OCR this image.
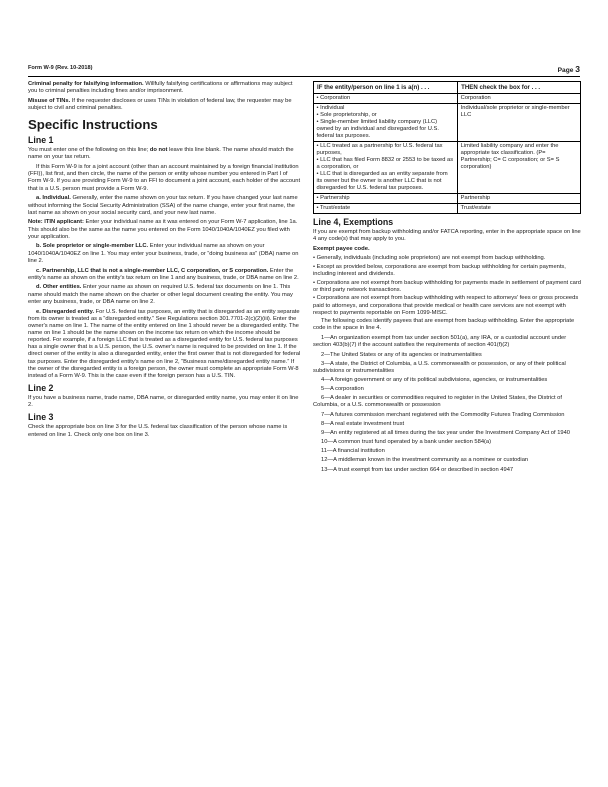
Form W-9 (Rev. 10-2018)	Page 3

Criminal penalty for falsifying information. Willfully falsifying certifications or affirmations may subject you to criminal penalties including fines and/or imprisonment.

Misuse of TINs. If the requester discloses or uses TINs in violation of federal law, the requester may be subject to civil and criminal penalties.

Specific Instructions
Line 1

You must enter one of the following on this line; do not leave this line blank. The name should match the name on your tax return.

If this Form W-9 is for a joint account (other than an account maintained by a foreign financial institution (FFI)), list first, and then circle, the name of the person or entity whose number you entered in Part I of Form W-9. If you are providing Form W-9 to an FFI to document a joint account, each holder of the account that is a U.S. person must provide a Form W-9.

a. Individual. Generally, enter the name shown on your tax return. If you have changed your last name without informing the Social Security Administration (SSA) of the name change, enter your first name, the last name as shown on your social security card, and your new last name.

Note: ITIN applicant: Enter your individual name as it was entered on your Form W-7 application, line 1a. This should also be the same as the name you entered on the Form 1040/1040A/1040EZ you filed with your application.

b. Sole proprietor or single-member LLC. Enter your individual name as shown on your 1040/1040A/1040EZ on line 1. You may enter your business, trade, or “doing business as” (DBA) name on line 2.

c. Partnership, LLC that is not a single-member LLC, C corporation, or S corporation. Enter the entity's name as shown on the entity's tax return on line 1 and any business, trade, or DBA name on line 2.

d. Other entities. Enter your name as shown on required U.S. federal tax documents on line 1. This name should match the name shown on the charter or other legal document creating the entity. You may enter any business, trade, or DBA name on line 2.

e. Disregarded entity. For U.S. federal tax purposes, an entity that is disregarded as an entity separate from its owner is treated as a “disregarded entity.” See Regulations section 301.7701-2(c)(2)(iii). Enter the owner's name on line 1. The name of the entity entered on line 1 should never be a disregarded entity. The name on line 1 should be the name shown on the income tax return on which the income should be reported. For example, if a foreign LLC that is treated as a disregarded entity for U.S. federal tax purposes has a single owner that is a U.S. person, the U.S. owner's name is required to be provided on line 1. If the direct owner of the entity is also a disregarded entity, enter the first owner that is not disregarded for federal tax purposes. Enter the disregarded entity's name on line 2, “Business name/disregarded entity name.” If the owner of the disregarded entity is a foreign person, the owner must complete an appropriate Form W-8 instead of a Form W-9. This is the case even if the foreign person has a U.S. TIN.

Line 2

If you have a business name, trade name, DBA name, or disregarded entity name, you may enter it on line 2.

Line 3

Check the appropriate box on line 3 for the U.S. federal tax classification of the person whose name is entered on line 1. Check only one box on line 3.

IF the entity/person on line 1 is a(n) . . .	THEN check the box for . . .

• Corporation	Corporation

• Individual
• Sole proprietorship, or
• Single-member limited liability company (LLC) owned by an individual and disregarded for U.S. federal tax purposes.	Individual/sole proprietor or single-member LLC

• LLC treated as a partnership for U.S. federal tax purposes,
• LLC that has filed Form 8832 or 2553 to be taxed as a corporation, or
• LLC that is disregarded as an entity separate from its owner but the owner is another LLC that is not disregarded for U.S. federal tax purposes.	Limited liability company and enter the appropriate tax classification. (P= Partnership; C= C corporation; or S= S corporation)

• Partnership	Partnership

• Trust/estate	Trust/estate
Line 4, Exemptions

If you are exempt from backup withholding and/or FATCA reporting, enter in the appropriate space on line 4 any code(s) that may apply to you.

Exempt payee code.

• Generally, individuals (including sole proprietors) are not exempt from backup withholding.

• Except as provided below, corporations are exempt from backup withholding for certain payments, including interest and dividends.

• Corporations are not exempt from backup withholding for payments made in settlement of payment card or third party network transactions.

• Corporations are not exempt from backup withholding with respect to attorneys' fees or gross proceeds paid to attorneys, and corporations that provide medical or health care services are not exempt with respect to payments reportable on Form 1099-MISC.

The following codes identify payees that are exempt from backup withholding. Enter the appropriate code in the space in line 4.

1—An organization exempt from tax under section 501(a), any IRA, or a custodial account under section 403(b)(7) if the account satisfies the requirements of section 401(f)(2)

2—The United States or any of its agencies or instrumentalities

3—A state, the District of Columbia, a U.S. commonwealth or possession, or any of their political subdivisions or instrumentalities

4—A foreign government or any of its political subdivisions, agencies, or instrumentalities

5—A corporation

6—A dealer in securities or commodities required to register in the United States, the District of Columbia, or a U.S. commonwealth or possession

7—A futures commission merchant registered with the Commodity Futures Trading Commission

8—A real estate investment trust

9—An entity registered at all times during the tax year under the Investment Company Act of 1940

10—A common trust fund operated by a bank under section 584(a)

11—A financial institution

12—A middleman known in the investment community as a nominee or custodian

13—A trust exempt from tax under section 664 or described in section 4947
